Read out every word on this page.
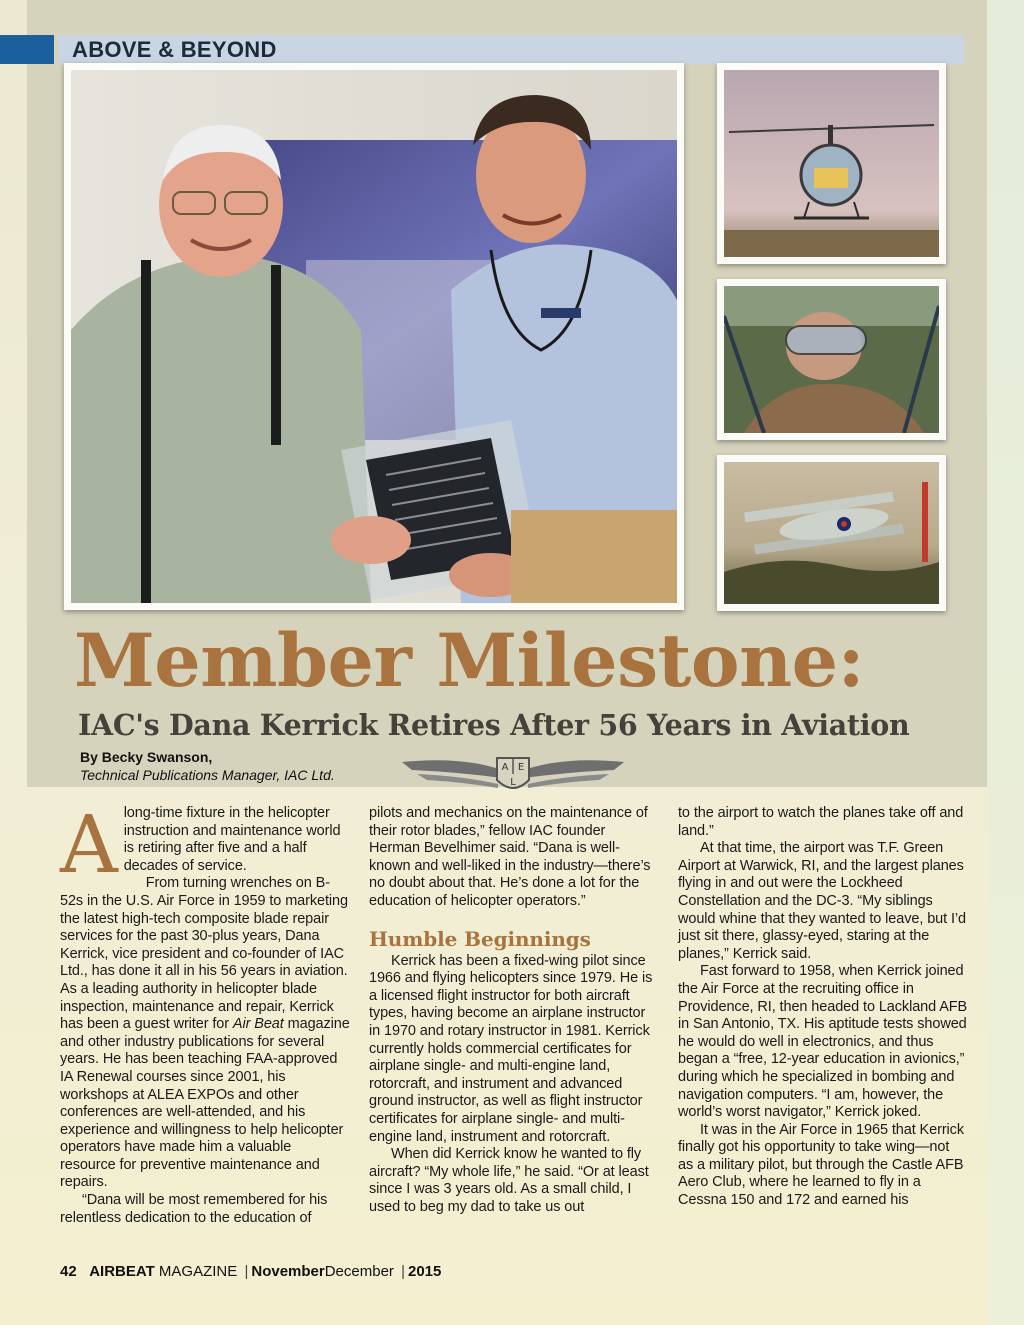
ABOVE & BEYOND
Member Milestone:
IAC's Dana Kerrick Retires After 56 Years in Aviation
By Becky Swanson,
Technical Publications Manager, IAC Ltd.	A E
L

Along-time fixture in the helicopter instruction and maintenance world is retiring after five and a half decades of service.

From turning wrenches on B-52s in the U.S. Air Force in 1959 to marketing the latest high-tech composite blade repair services for the past 30-plus years, Dana Kerrick, vice president and co-founder of IAC Ltd., has done it all in his 56 years in aviation. As a leading authority in helicopter blade inspection, maintenance and repair, Kerrick has been a guest writer for Air Beat magazine and other industry publications for several years. He has been teaching FAA-approved IA Renewal courses since 2001, his workshops at ALEA EXPOs and other conferences are well-attended, and his experience and willingness to help helicopter operators have made him a valuable resource for preventive maintenance and repairs.

“Dana will be most remembered for his relentless dedication to the education of

pilots and mechanics on the maintenance of their rotor blades,” fellow IAC founder Herman Bevelhimer said. “Dana is well-known and well-liked in the industry—there’s no doubt about that. He’s done a lot for the education of helicopter operators.”

Humble Beginnings

Kerrick has been a fixed-wing pilot since 1966 and flying helicopters since 1979. He is a licensed flight instructor for both aircraft types, having become an airplane instructor in 1970 and rotary instructor in 1981. Kerrick currently holds commercial certificates for airplane single- and multi-engine land, rotorcraft, and instrument and advanced ground instructor, as well as flight instructor certificates for airplane single- and multi-engine land, instrument and rotorcraft.

When did Kerrick know he wanted to fly aircraft? “My whole life,” he said. “Or at least since I was 3 years old. As a small child, I used to beg my dad to take us out

to the airport to watch the planes take off and land.”

At that time, the airport was T.F. Green Airport at Warwick, RI, and the largest planes flying in and out were the Lockheed Constellation and the DC-3. “My siblings would whine that they wanted to leave, but I’d just sit there, glassy-eyed, staring at the planes,” Kerrick said.

Fast forward to 1958, when Kerrick joined the Air Force at the recruiting office in Providence, RI, then headed to Lackland AFB in San Antonio, TX. His aptitude tests showed he would do well in electronics, and thus began a “free, 12-year education in avionics,” during which he specialized in bombing and navigation computers. “I am, however, the world’s worst navigator,” Kerrick joked.

It was in the Air Force in 1965 that Kerrick finally got his opportunity to take wing—not as a military pilot, but through the Castle AFB Aero Club, where he learned to fly in a Cessna 150 and 172 and earned his

42 AIRBEAT MAGAZINE | NovemberDecember | 2015
